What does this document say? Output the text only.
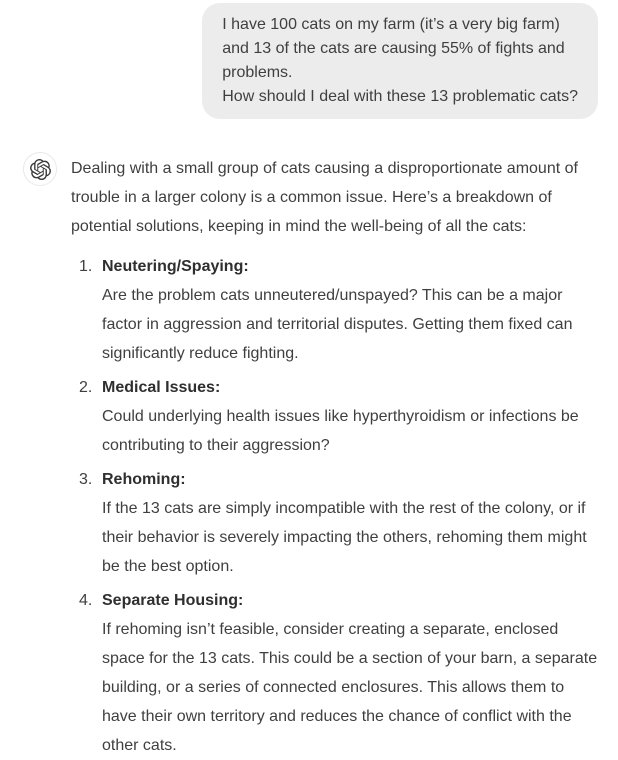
I have 100 cats on my farm (it’s a very big farm)
and 13 of the cats are causing 55% of fights and
problems.
How should I deal with these 13 problematic cats?
Dealing with a small group of cats causing a disproportionate amount of
trouble in a larger colony is a common issue. Here’s a breakdown of
potential solutions, keeping in mind the well-being of all the cats:
1. Neutering/Spaying:
Are the problem cats unneutered/unspayed? This can be a major
factor in aggression and territorial disputes. Getting them fixed can
significantly reduce fighting.
2. Medical Issues:
Could underlying health issues like hyperthyroidism or infections be
contributing to their aggression?
3. Rehoming:
If the 13 cats are simply incompatible with the rest of the colony, or if
their behavior is severely impacting the others, rehoming them might
be the best option.
4. Separate Housing:
If rehoming isn’t feasible, consider creating a separate, enclosed
space for the 13 cats. This could be a section of your barn, a separate
building, or a series of connected enclosures. This allows them to
have their own territory and reduces the chance of conflict with the
other cats.
